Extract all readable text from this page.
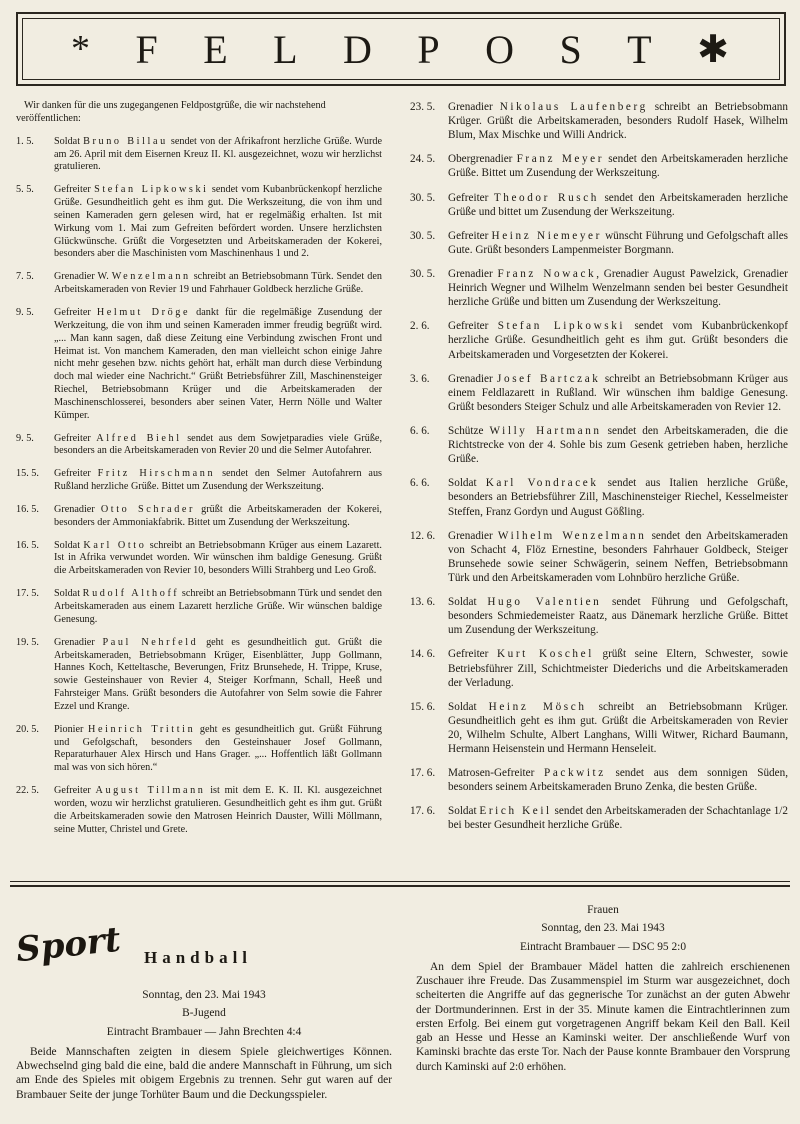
* F E L D P O S T ✱

Wir danken für die uns zugegangenen Feldpostgrüße, die wir nachstehend veröffentlichen:

1. 5.	Soldat Bruno Billau sendet von der Afrikafront herzliche Grüße. Wurde am 26. April mit dem Eisernen Kreuz II. Kl. ausgezeichnet, wozu wir herzlichst gratulieren.
5. 5.	Gefreiter Stefan Lipkowski sendet vom Kubanbrückenkopf herzliche Grüße. Gesundheitlich geht es ihm gut. Die Werkszeitung, die von ihm und seinen Kameraden gern gelesen wird, hat er regelmäßig erhalten. Ist mit Wirkung vom 1. Mai zum Gefreiten befördert worden. Unsere herzlichsten Glückwünsche. Grüßt die Vorgesetzten und Arbeitskameraden der Kokerei, besonders aber die Maschinisten vom Maschinenhaus 1 und 2.
7. 5.	Grenadier W. Wenzelmann schreibt an Betriebsobmann Türk. Sendet den Arbeitskameraden von Revier 19 und Fahrhauer Goldbeck herzliche Grüße.
9. 5.	Gefreiter Helmut Dröge dankt für die regelmäßige Zusendung der Werkzeitung, die von ihm und seinen Kameraden immer freudig begrüßt wird. „... Man kann sagen, daß diese Zeitung eine Verbindung zwischen Front und Heimat ist. Von manchem Kameraden, den man vielleicht schon einige Jahre nicht mehr gesehen bzw. nichts gehört hat, erhält man durch diese Verbindung doch mal wieder eine Nachricht.“ Grüßt Betriebsführer Zill, Maschinensteiger Riechel, Betriebsobmann Krüger und die Arbeitskameraden der Maschinenschlosserei, besonders aber seinen Vater, Herrn Nölle und Walter Kümper.
9. 5.	Gefreiter Alfred Biehl sendet aus dem Sowjetparadies viele Grüße, besonders an die Arbeitskameraden von Revier 20 und die Selmer Autofahrer.
15. 5.	Gefreiter Fritz Hirschmann sendet den Selmer Autofahrern aus Rußland herzliche Grüße. Bittet um Zusendung der Werkszeitung.
16. 5.	Grenadier Otto Schrader grüßt die Arbeitskameraden der Kokerei, besonders der Ammoniakfabrik. Bittet um Zusendung der Werkszeitung.
16. 5.	Soldat Karl Otto schreibt an Betriebsobmann Krüger aus einem Lazarett. Ist in Afrika verwundet worden. Wir wünschen ihm baldige Genesung. Grüßt die Arbeitskameraden von Revier 10, besonders Willi Strahberg und Leo Groß.
17. 5.	Soldat Rudolf Althoff schreibt an Betriebsobmann Türk und sendet den Arbeitskameraden aus einem Lazarett herzliche Grüße. Wir wünschen baldige Genesung.
19. 5.	Grenadier Paul Nehrfeld geht es gesundheitlich gut. Grüßt die Arbeitskameraden, Betriebsobmann Krüger, Eisenblätter, Jupp Gollmann, Hannes Koch, Ketteltasche, Beverungen, Fritz Brunsehede, H. Trippe, Kruse, sowie Gesteinshauer von Revier 4, Steiger Korfmann, Schall, Heeß und Fahrsteiger Mans. Grüßt besonders die Autofahrer von Selm sowie die Fahrer Ezzel und Krange.
20. 5.	Pionier Heinrich Trittin geht es gesundheitlich gut. Grüßt Führung und Gefolgschaft, besonders den Gesteinshauer Josef Gollmann, Reparaturhauer Alex Hirsch und Hans Grager. „... Hoffentlich läßt Gollmann mal was von sich hören.“
22. 5.	Gefreiter August Tillmann ist mit dem E. K. II. Kl. ausgezeichnet worden, wozu wir herzlichst gratulieren. Gesundheitlich geht es ihm gut. Grüßt die Arbeitskameraden sowie den Matrosen Heinrich Dauster, Willi Möllmann, seine Mutter, Christel und Grete.
23. 5.	Grenadier Nikolaus Laufenberg schreibt an Betriebsobmann Krüger. Grüßt die Arbeitskameraden, besonders Rudolf Hasek, Wilhelm Blum, Max Mischke und Willi Andrick.
24. 5.	Obergrenadier Franz Meyer sendet den Arbeitskameraden herzliche Grüße. Bittet um Zusendung der Werkszeitung.
30. 5.	Gefreiter Theodor Rusch sendet den Arbeitskameraden herzliche Grüße und bittet um Zusendung der Werkszeitung.
30. 5.	Gefreiter Heinz Niemeyer wünscht Führung und Gefolgschaft alles Gute. Grüßt besonders Lampenmeister Borgmann.
30. 5.	Grenadier Franz Nowack, Grenadier August Pawelzick, Grenadier Heinrich Wegner und Wilhelm Wenzelmann senden bei bester Gesundheit herzliche Grüße und bitten um Zusendung der Werkszeitung.
2. 6.	Gefreiter Stefan Lipkowski sendet vom Kubanbrückenkopf herzliche Grüße. Gesundheitlich geht es ihm gut. Grüßt besonders die Arbeitskameraden und Vorgesetzten der Kokerei.
3. 6.	Grenadier Josef Bartczak schreibt an Betriebsobmann Krüger aus einem Feldlazarett in Rußland. Wir wünschen ihm baldige Genesung. Grüßt besonders Steiger Schulz und alle Arbeitskameraden von Revier 12.
6. 6.	Schütze Willy Hartmann sendet den Arbeitskameraden, die die Richtstrecke von der 4. Sohle bis zum Gesenk getrieben haben, herzliche Grüße.
6. 6.	Soldat Karl Vondracek sendet aus Italien herzliche Grüße, besonders an Betriebsführer Zill, Maschinensteiger Riechel, Kesselmeister Steffen, Franz Gordyn und August Gößling.
12. 6.	Grenadier Wilhelm Wenzelmann sendet den Arbeitskameraden von Schacht 4, Flöz Ernestine, besonders Fahrhauer Goldbeck, Steiger Brunsehede sowie seiner Schwägerin, seinem Neffen, Betriebsobmann Türk und den Arbeitskameraden vom Lohnbüro herzliche Grüße.
13. 6.	Soldat Hugo Valentien sendet Führung und Gefolgschaft, besonders Schmiedemeister Raatz, aus Dänemark herzliche Grüße. Bittet um Zusendung der Werkszeitung.
14. 6.	Gefreiter Kurt Koschel grüßt seine Eltern, Schwester, sowie Betriebsführer Zill, Schichtmeister Diederichs und die Arbeitskameraden der Verladung.
15. 6.	Soldat Heinz Mösch schreibt an Betriebsobmann Krüger. Gesundheitlich geht es ihm gut. Grüßt die Arbeitskameraden von Revier 20, Wilhelm Schulte, Albert Langhans, Willi Witwer, Richard Baumann, Hermann Heisenstein und Hermann Henseleit.
17. 6.	Matrosen-Gefreiter Packwitz sendet aus dem sonnigen Süden, besonders seinem Arbeitskameraden Bruno Zenka, die besten Grüße.
17. 6.	Soldat Erich Keil sendet den Arbeitskameraden der Schachtanlage 1/2 bei bester Gesundheit herzliche Grüße.
Sport Handball

Sonntag, den 23. Mai 1943

B-Jugend

Eintracht Brambauer — Jahn Brechten 4:4

Beide Mannschaften zeigten in diesem Spiele gleichwertiges Können. Abwechselnd ging bald die eine, bald die andere Mannschaft in Führung, um sich am Ende des Spieles mit obigem Ergebnis zu trennen. Sehr gut waren auf der Brambauer Seite der junge Torhüter Baum und die Deckungsspieler.

Frauen

Sonntag, den 23. Mai 1943

Eintracht Brambauer — DSC 95 2:0

An dem Spiel der Brambauer Mädel hatten die zahlreich erschienenen Zuschauer ihre Freude. Das Zusammenspiel im Sturm war ausgezeichnet, doch scheiterten die Angriffe auf das gegnerische Tor zunächst an der guten Abwehr der Dortmunderinnen. Erst in der 35. Minute kamen die Eintrachtlerinnen zum ersten Erfolg. Bei einem gut vorgetragenen Angriff bekam Keil den Ball. Keil gab an Hesse und Hesse an Kaminski weiter. Der anschließende Wurf von Kaminski brachte das erste Tor. Nach der Pause konnte Brambauer den Vorsprung durch Kaminski auf 2:0 erhöhen.
